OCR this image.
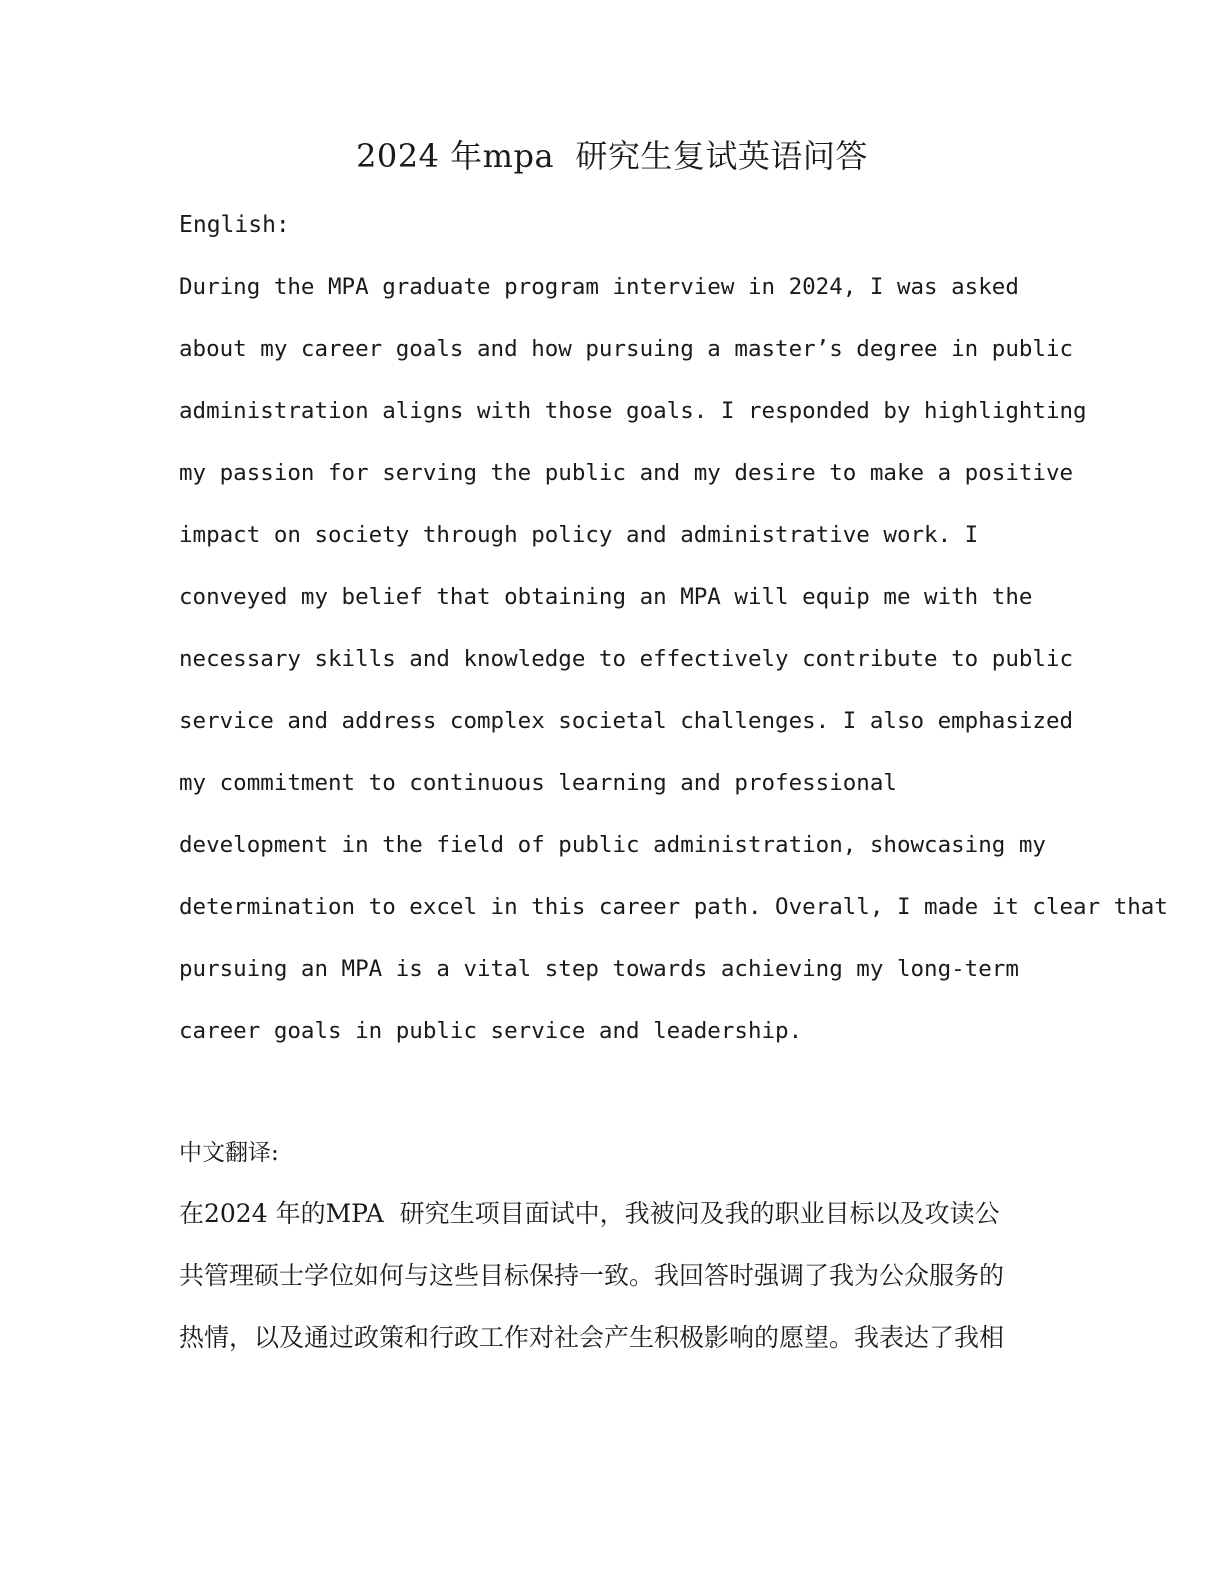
2024 年mpa  研究生复试英语问答
English:
During the MPA graduate program interview in 2024, I was asked
about my career goals and how pursuing a master’s degree in public
administration aligns with those goals. I responded by highlighting
my passion for serving the public and my desire to make a positive
impact on society through policy and administrative work. I
conveyed my belief that obtaining an MPA will equip me with the
necessary skills and knowledge to effectively contribute to public
service and address complex societal challenges. I also emphasized
my commitment to continuous learning and professional
development in the field of public administration, showcasing my
determination to excel in this career path. Overall, I made it clear that
pursuing an MPA is a vital step towards achieving my long-term
career goals in public service and leadership.
中文翻译:
在2024 年的MPA  研究生项目面试中，我被问及我的职业目标以及攻读公
共管理硕士学位如何与这些目标保持一致。我回答时强调了我为公众服务的
热情，以及通过政策和行政工作对社会产生积极影响的愿望。我表达了我相
